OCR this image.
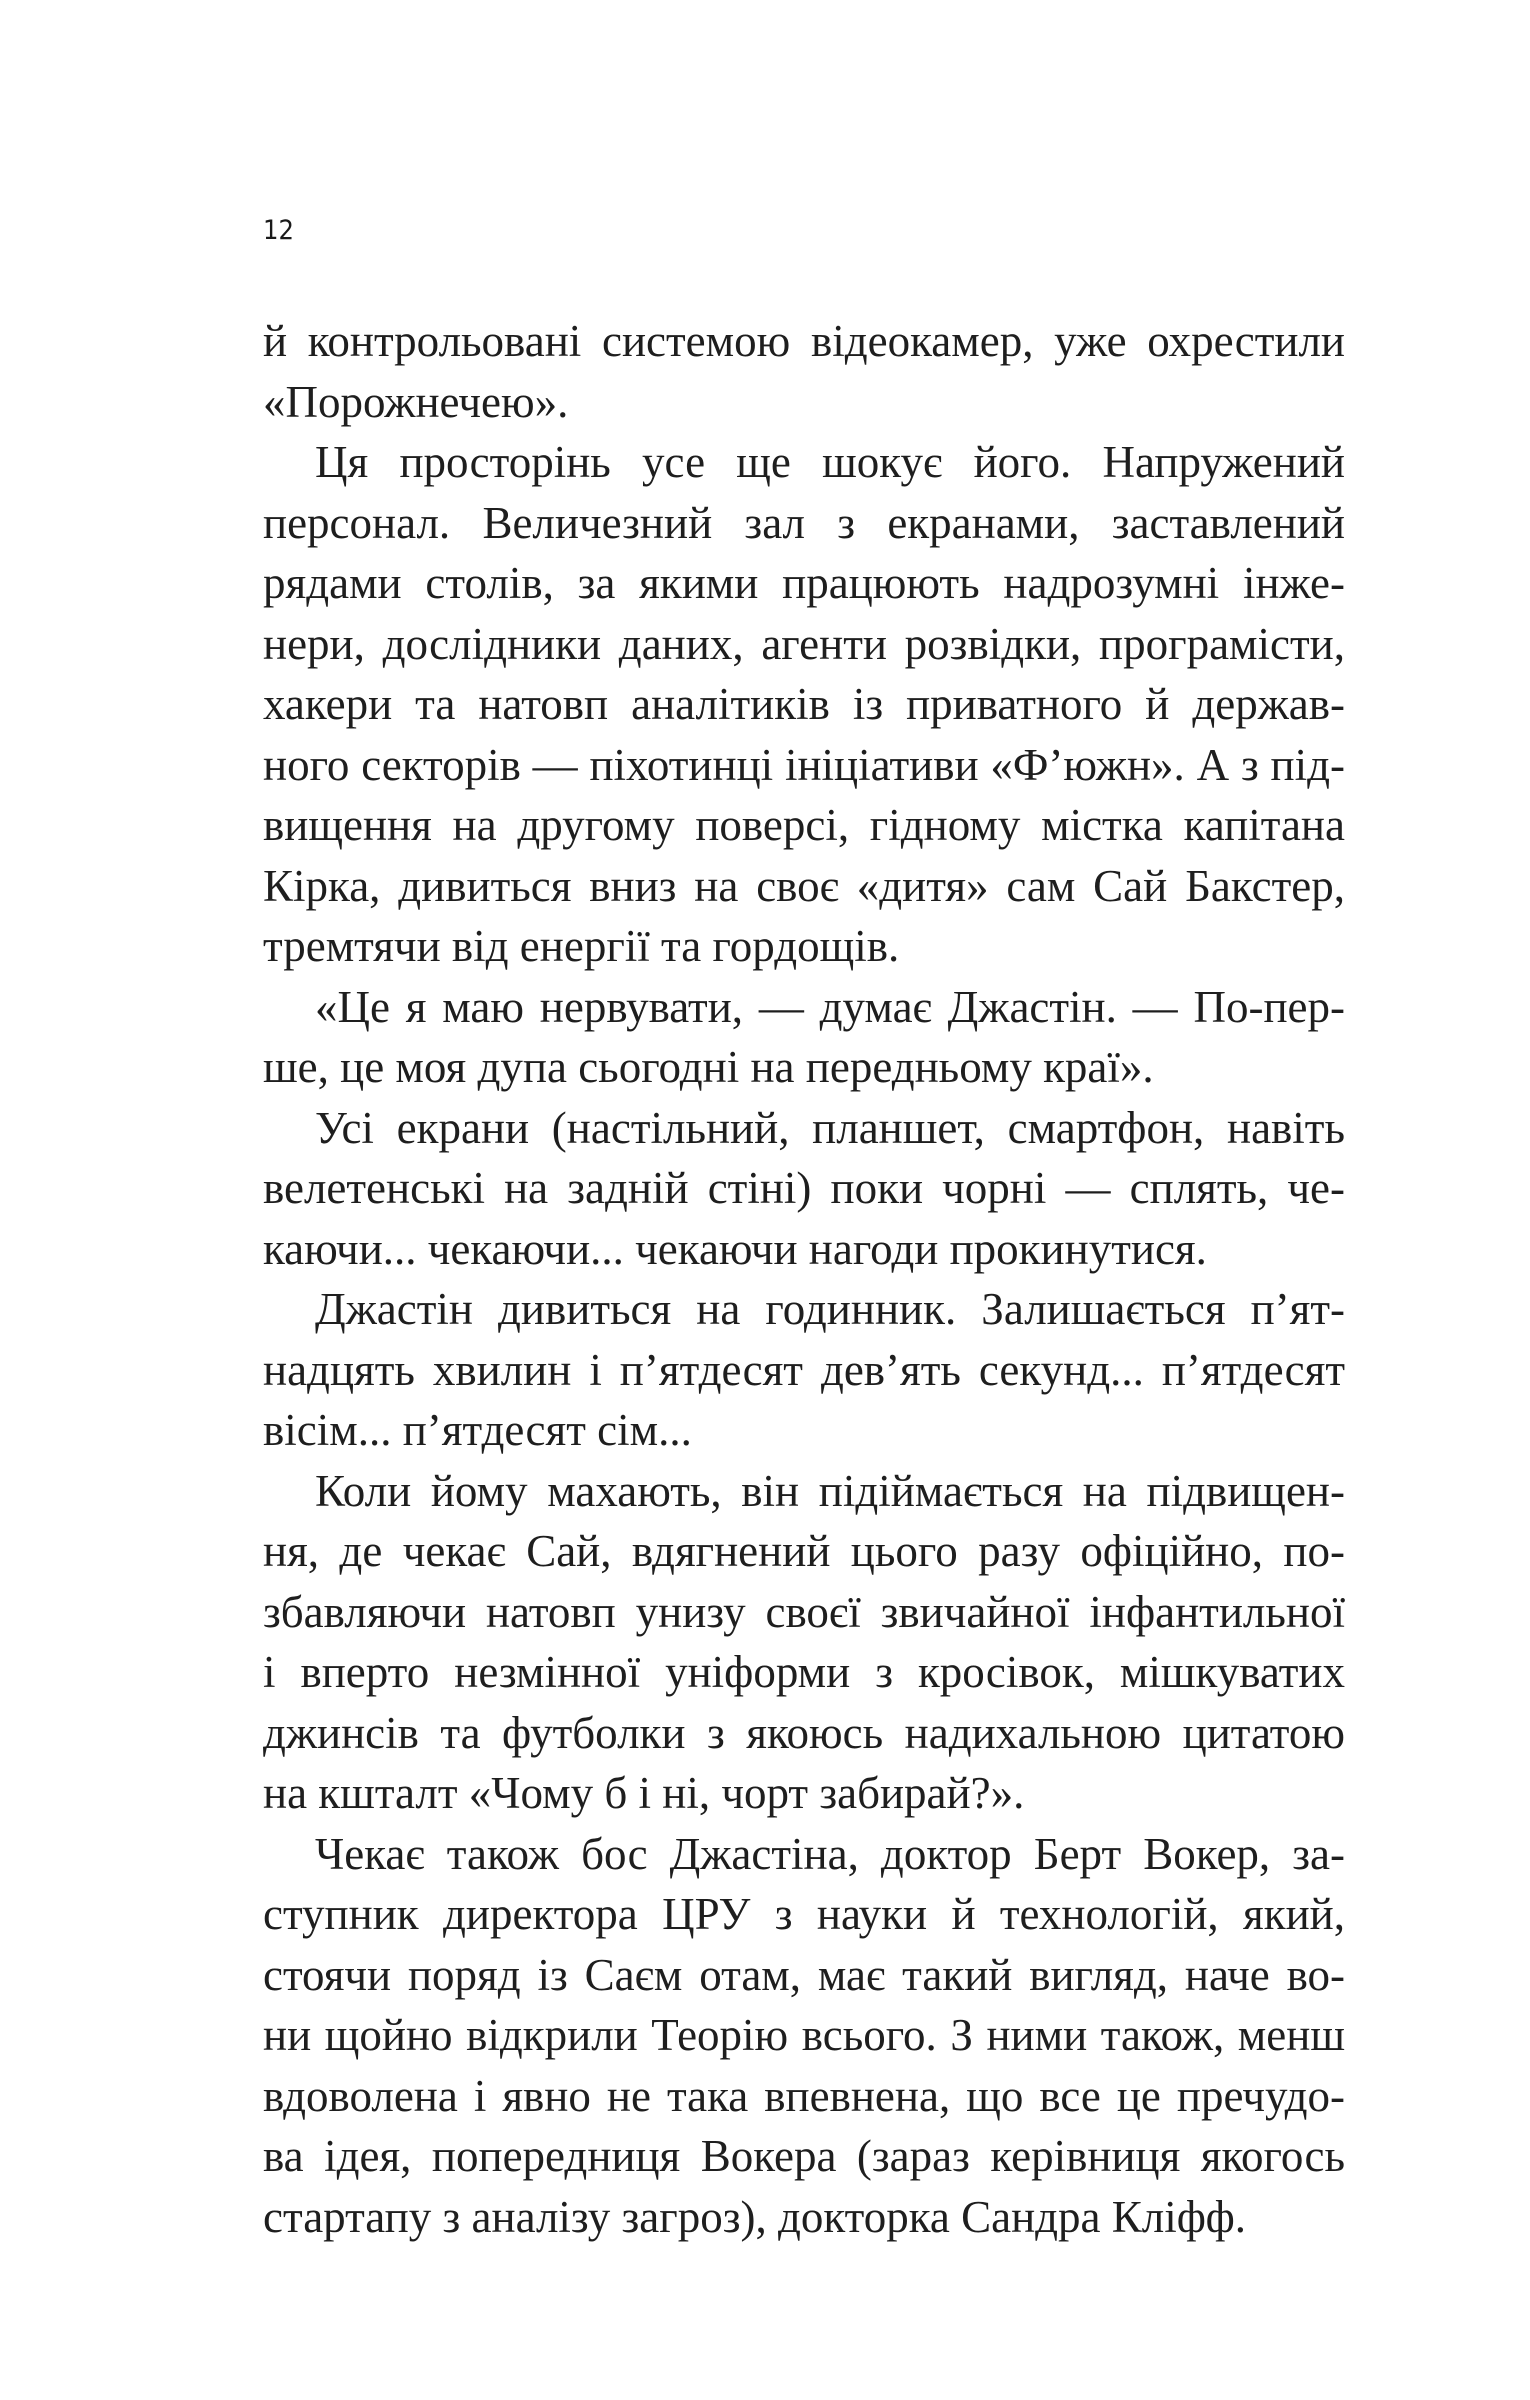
12
й контрольовані системою відеокамер, уже охрестили
«Порожнечею».
Ця просторінь усе ще шокує його. Напружений
персонал. Величезний зал з екранами, заставлений
рядами столів, за якими працюють надрозумні інже-
нери, дослідники даних, агенти розвідки, програмісти,
хакери та натовп аналітиків із приватного й держав-
ного секторів — піхотинці ініціативи «Ф’южн». А з під-
вищення на другому поверсі, гідному містка капітана
Кірка, дивиться вниз на своє «дитя» сам Сай Бакстер,
тремтячи від енергії та гордощів.
«Це я маю нервувати, — думає Джастін. — По-пер-
ше, це моя дупа сьогодні на передньому краї».
Усі екрани (настільний, планшет, смартфон, навіть
велетенські на задній стіні) поки чорні — сплять, че-
каючи... чекаючи... чекаючи нагоди прокинутися.
Джастін дивиться на годинник. Залишається п’ят-
надцять хвилин і п’ятдесят дев’ять секунд... п’ятдесят
вісім... п’ятдесят сім...
Коли йому махають, він підіймається на підвищен-
ня, де чекає Сай, вдягнений цього разу офіційно, по-
збавляючи натовп унизу своєї звичайної інфантильної
і вперто незмінної уніформи з кросівок, мішкуватих
джинсів та футболки з якоюсь надихальною цитатою
на кшталт «Чому б і ні, чорт забирай?».
Чекає також бос Джастіна, доктор Берт Вокер, за-
ступник директора ЦРУ з науки й технологій, який,
стоячи поряд із Саєм отам, має такий вигляд, наче во-
ни щойно відкрили Теорію всього. З ними також, менш
вдоволена і явно не така впевнена, що все це пречудо-
ва ідея, попередниця Вокера (зараз керівниця якогось
стартапу з аналізу загроз), докторка Сандра Кліфф.
